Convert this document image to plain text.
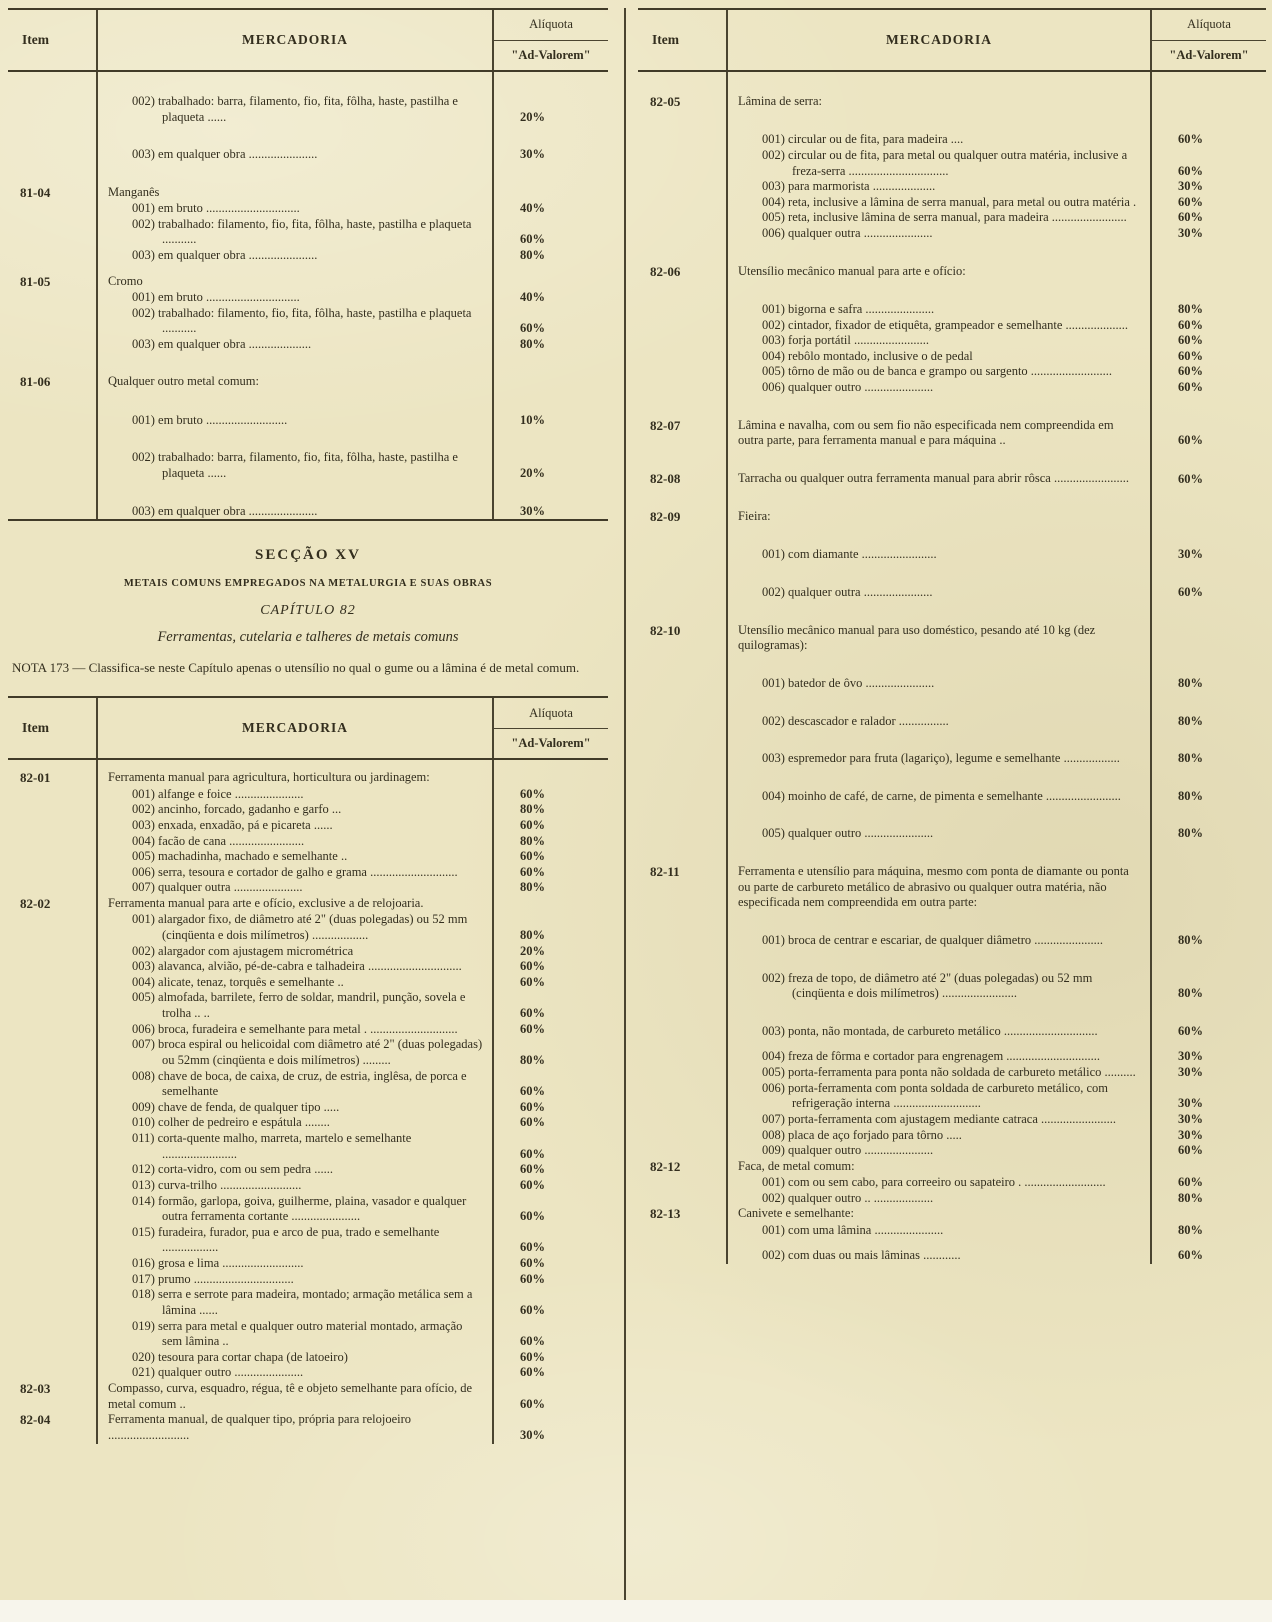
Item	MERCADORIA
Alíquota
"Ad-Valorem"
002) trabalhado: barra, filamento, fio, fita, fôlha, haste, pastilha e plaqueta ......	20%
003) em qualquer obra ......................	30%
81-04	Manganês
001) em bruto ..............................	40%
002) trabalhado: filamento, fio, fita, fôlha, haste, pastilha e plaqueta ...........	60%
003) em qualquer obra ......................	80%
81-05	Cromo
001) em bruto ..............................	40%
002) trabalhado: filamento, fio, fita, fôlha, haste, pastilha e plaqueta ...........	60%
003) em qualquer obra ....................	80%
81-06	Qualquer outro metal comum:
001) em bruto ..........................	10%
002) trabalhado: barra, filamento, fio, fita, fôlha, haste, pastilha e plaqueta ......	20%
003) em qualquer obra ......................	30%
SECÇÃO XV
METAIS COMUNS EMPREGADOS NA METALURGIA E SUAS OBRAS
CAPÍTULO 82
Ferramentas, cutelaria e talheres de metais comuns

NOTA 173 — Classifica-se neste Capítulo apenas o utensílio no qual o gume ou a lâmina é de metal comum.

Item	MERCADORIA
Alíquota
"Ad-Valorem"
82-01	Ferramenta manual para agricultura, horticultura ou jardinagem:
001) alfange e foice ......................	60%
002) ancinho, forcado, gadanho e garfo ...	80%
003) enxada, enxadão, pá e picareta ......	60%
004) facão de cana ........................	80%
005) machadinha, machado e semelhante ..	60%
006) serra, tesoura e cortador de galho e grama ............................	60%
007) qualquer outra ......................	80%
82-02	Ferramenta manual para arte e ofício, exclusive a de relojoaria.
001) alargador fixo, de diâmetro até 2" (duas polegadas) ou 52 mm (cinqüenta e dois milímetros) ..................	80%
002) alargador com ajustagem micrométrica	20%
003) alavanca, alvião, pé-de-cabra e talhadeira ..............................	60%
004) alicate, tenaz, torquês e semelhante ..	60%
005) almofada, barrilete, ferro de soldar, mandril, punção, sovela e trolha .. ..	60%
006) broca, furadeira e semelhante para metal . ............................	60%
007) broca espiral ou helicoidal com diâmetro até 2" (duas polegadas) ou 52mm (cinqüenta e dois milímetros) .........	80%
008) chave de boca, de caixa, de cruz, de estria, inglêsa, de porca e semelhante	60%
009) chave de fenda, de qualquer tipo .....	60%
010) colher de pedreiro e espátula ........	60%
011) corta-quente malho, marreta, martelo e semelhante ........................	60%
012) corta-vidro, com ou sem pedra ......	60%
013) curva-trilho ..........................	60%
014) formão, garlopa, goiva, guilherme, plaina, vasador e qualquer outra ferramenta cortante ......................	60%
015) furadeira, furador, pua e arco de pua, trado e semelhante ..................	60%
016) grosa e lima ..........................	60%
017) prumo ................................	60%
018) serra e serrote para madeira, montado; armação metálica sem a lâmina ......	60%
019) serra para metal e qualquer outro material montado, armação sem lâmina ..	60%
020) tesoura para cortar chapa (de latoeiro)	60%
021) qualquer outro ......................	60%
82-03	Compasso, curva, esquadro, régua, tê e objeto semelhante para ofício, de metal comum ..	60%
82-04	Ferramenta manual, de qualquer tipo, própria para relojoeiro ..........................	30%
Item	MERCADORIA
Alíquota
"Ad-Valorem"
82-05	Lâmina de serra:
001) circular ou de fita, para madeira ....	60%
002) circular ou de fita, para metal ou qualquer outra matéria, inclusive a freza-serra ................................	60%
003) para marmorista ....................	30%
004) reta, inclusive a lâmina de serra manual, para metal ou outra matéria .	60%
005) reta, inclusive lâmina de serra manual, para madeira ........................	60%
006) qualquer outra ......................	30%
82-06	Utensílio mecânico manual para arte e ofício:
001) bigorna e safra ......................	80%
002) cintador, fixador de etiquêta, grampeador e semelhante ....................	60%
003) forja portátil ........................	60%
004) rebôlo montado, inclusive o de pedal	60%
005) tôrno de mão ou de banca e grampo ou sargento ..........................	60%
006) qualquer outro ......................	60%
82-07	Lâmina e navalha, com ou sem fio não especificada nem compreendida em outra parte, para ferramenta manual e para máquina ..	60%
82-08	Tarracha ou qualquer outra ferramenta manual para abrir rôsca ........................	60%
82-09	Fieira:
001) com diamante ........................	30%
002) qualquer outra ......................	60%
82-10	Utensílio mecânico manual para uso doméstico, pesando até 10 kg (dez quilogramas):
001) batedor de ôvo ......................	80%
002) descascador e ralador ................	80%
003) espremedor para fruta (lagariço), legume e semelhante ..................	80%
004) moinho de café, de carne, de pimenta e semelhante ........................	80%
005) qualquer outro ......................	80%
82-11	Ferramenta e utensílio para máquina, mesmo com ponta de diamante ou ponta ou parte de carbureto metálico de abrasivo ou qualquer outra matéria, não especificada nem compreendida em outra parte:
001) broca de centrar e escariar, de qualquer diâmetro ......................	80%
002) freza de topo, de diâmetro até 2" (duas polegadas) ou 52 mm (cinqüenta e dois milímetros) ........................	80%
003) ponta, não montada, de carbureto metálico ..............................	60%
004) freza de fôrma e cortador para engrenagem ..............................	30%
005) porta-ferramenta para ponta não soldada de carbureto metálico ..........	30%
006) porta-ferramenta com ponta soldada de carbureto metálico, com refrigeração interna ............................	30%
007) porta-ferramenta com ajustagem mediante catraca ........................	30%
008) placa de aço forjado para tôrno .....	30%
009) qualquer outro ......................	60%
82-12	Faca, de metal comum:
001) com ou sem cabo, para correeiro ou sapateiro . ..........................	60%
002) qualquer outro .. ...................	80%
82-13	Canivete e semelhante:
001) com uma lâmina ......................	80%
002) com duas ou mais lâminas ............	60%
